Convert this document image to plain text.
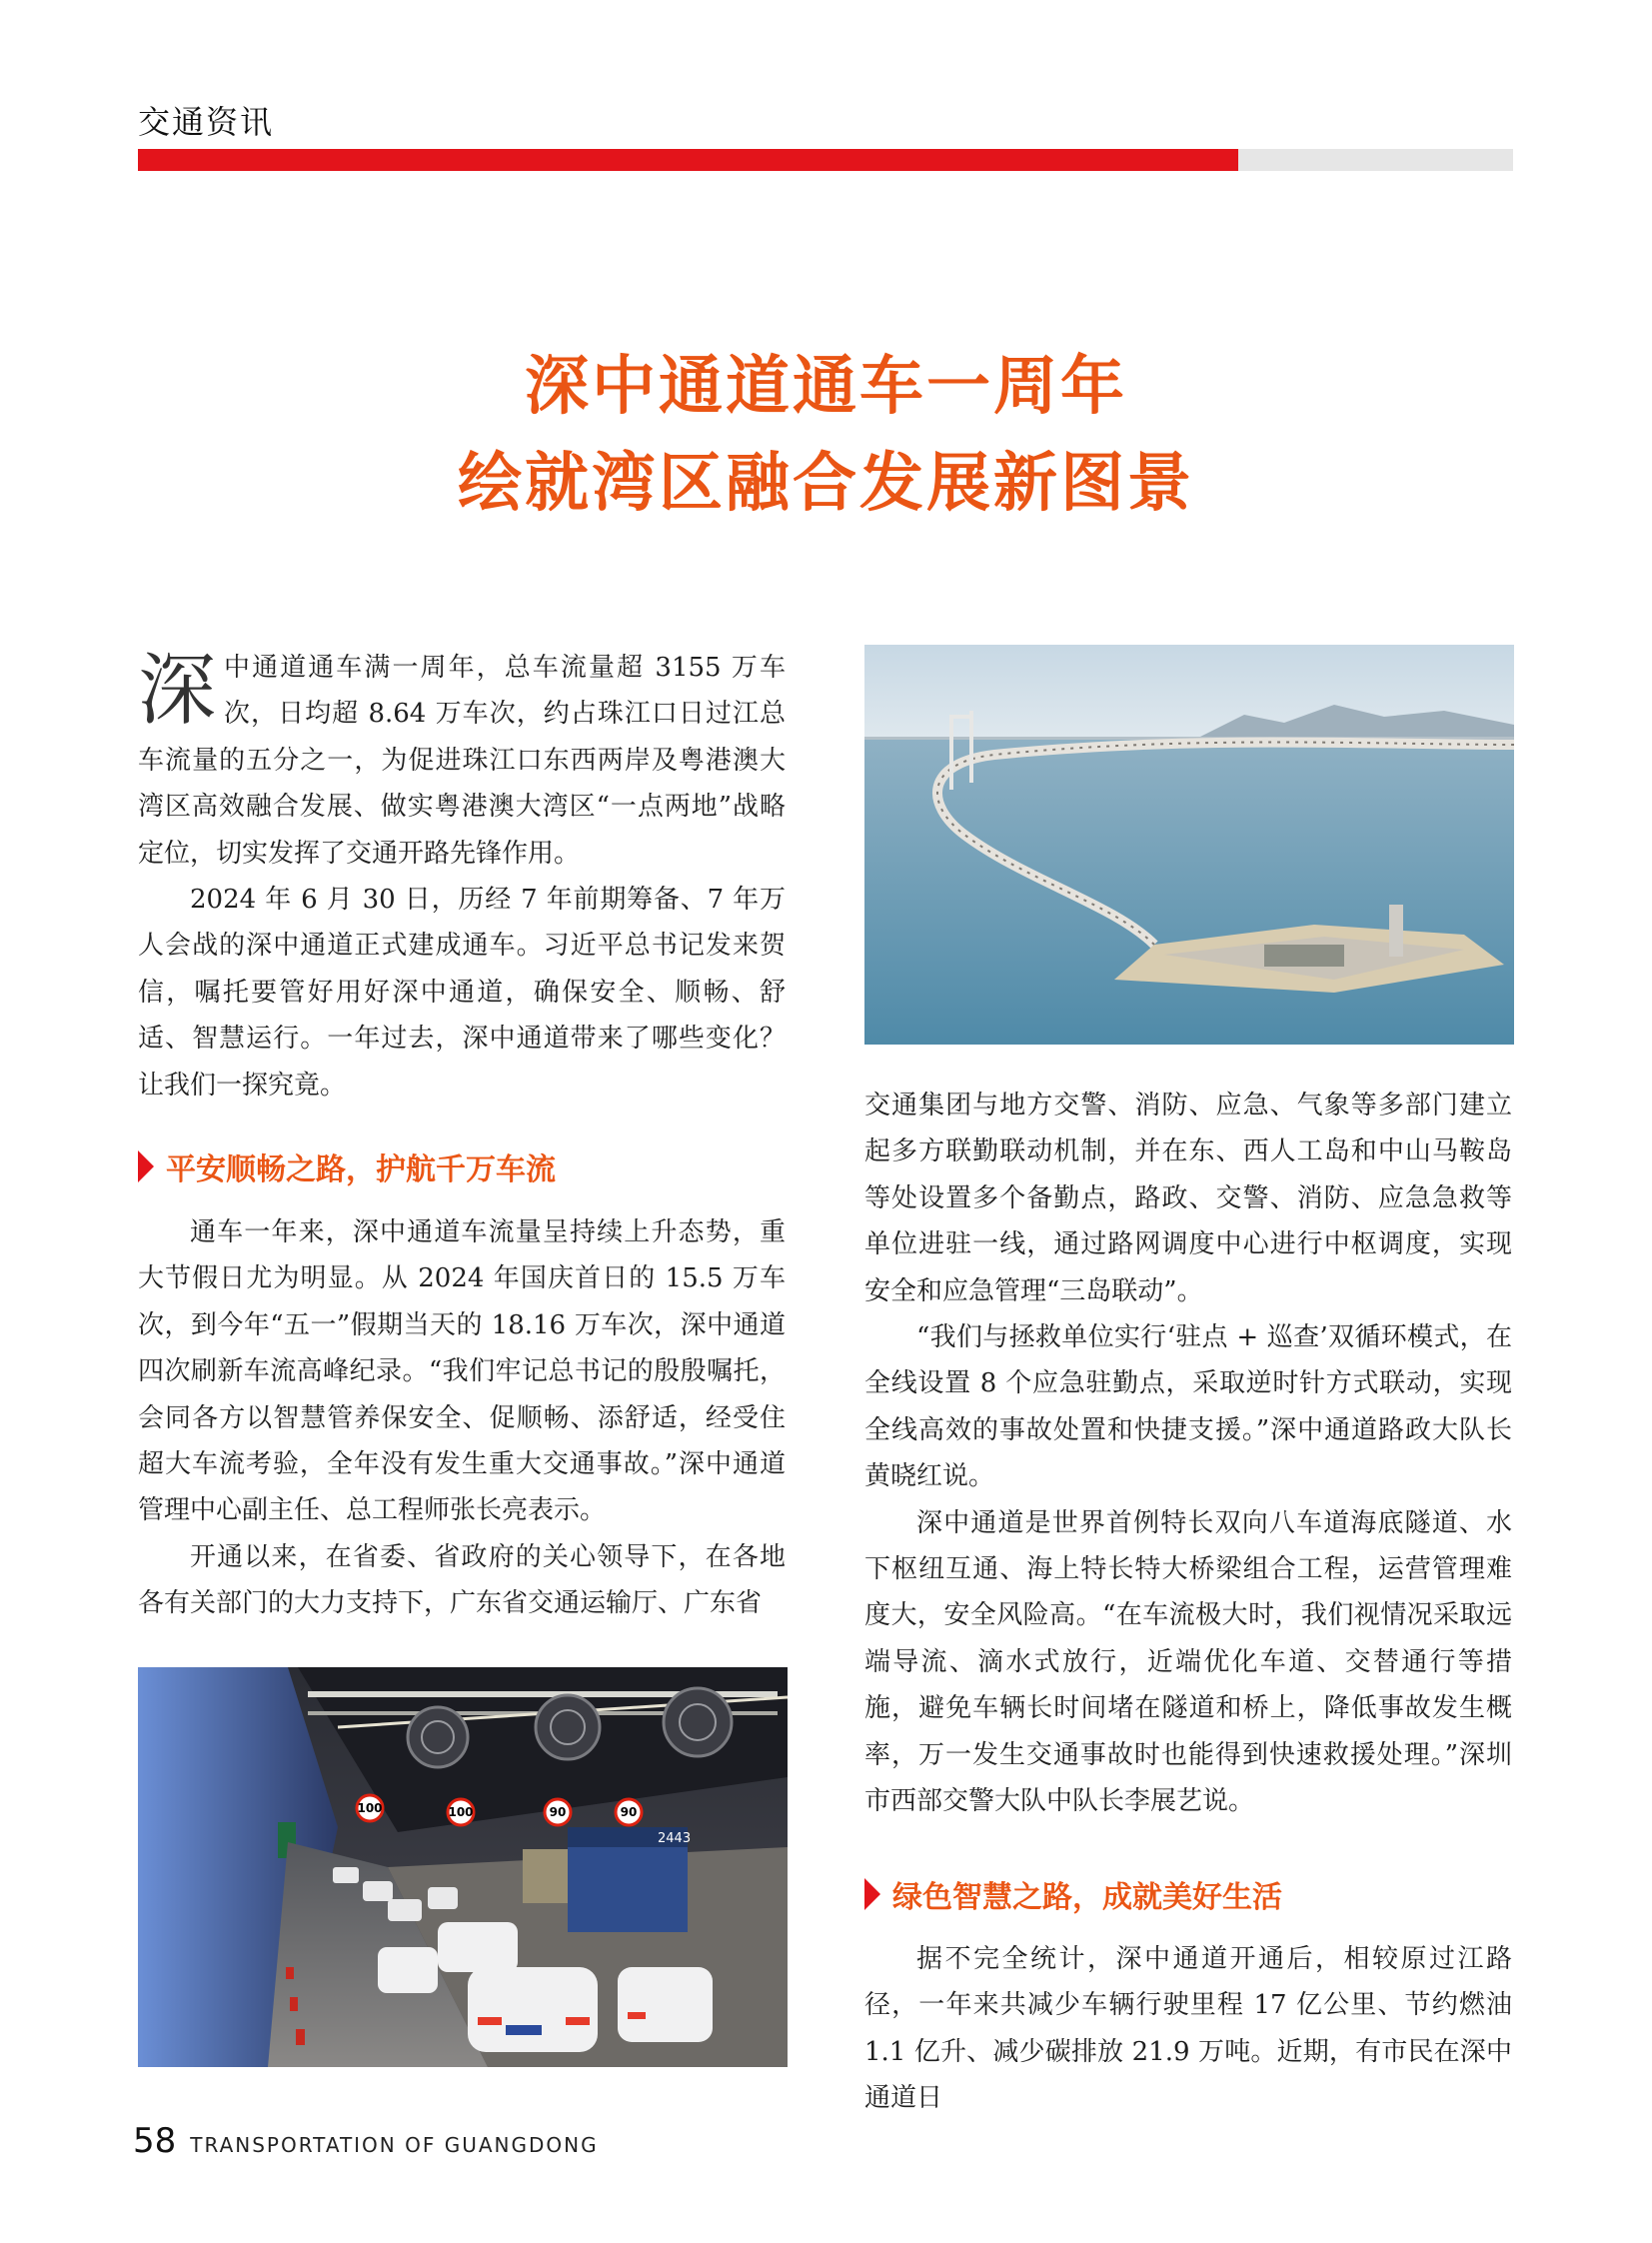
交通资讯
深中通道通车一周年
绘就湾区融合发展新图景

深中通道通车满一周年，总车流量超 3155 万车次，日均超 8.64 万车次，约占珠江口日过江总车流量的五分之一，为促进珠江口东西两岸及粤港澳大湾区高效融合发展、做实粤港澳大湾区“一点两地”战略定位，切实发挥了交通开路先锋作用。

2024 年 6 月 30 日，历经 7 年前期筹备、7 年万人会战的深中通道正式建成通车。习近平总书记发来贺信，嘱托要管好用好深中通道，确保安全、顺畅、舒适、智慧运行。一年过去，深中通道带来了哪些变化？让我们一探究竟。

平安顺畅之路，护航千万车流

通车一年来，深中通道车流量呈持续上升态势，重大节假日尤为明显。从 2024 年国庆首日的 15.5 万车次，到今年“五一”假期当天的 18.16 万车次，深中通道四次刷新车流高峰纪录。“我们牢记总书记的殷殷嘱托，会同各方以智慧管养保安全、促顺畅、添舒适，经受住超大车流考验，全年没有发生重大交通事故。”深中通道管理中心副主任、总工程师张长亮表示。

开通以来，在省委、省政府的关心领导下，在各地各有关部门的大力支持下，广东省交通运输厅、广东省

100	100	90	90
2443

交通集团与地方交警、消防、应急、气象等多部门建立起多方联勤联动机制，并在东、西人工岛和中山马鞍岛等处设置多个备勤点，路政、交警、消防、应急急救等单位进驻一线，通过路网调度中心进行中枢调度，实现安全和应急管理“三岛联动”。

“我们与拯救单位实行‘驻点 + 巡查’双循环模式，在全线设置 8 个应急驻勤点，采取逆时针方式联动，实现全线高效的事故处置和快捷支援。”深中通道路政大队长黄晓红说。

深中通道是世界首例特长双向八车道海底隧道、水下枢纽互通、海上特长特大桥梁组合工程，运营管理难度大，安全风险高。“在车流极大时，我们视情况采取远端导流、滴水式放行，近端优化车道、交替通行等措施，避免车辆长时间堵在隧道和桥上，降低事故发生概率，万一发生交通事故时也能得到快速救援处理。”深圳市西部交警大队中队长李展艺说。

绿色智慧之路，成就美好生活

据不完全统计，深中通道开通后，相较原过江路径，一年来共减少车辆行驶里程 17 亿公里、节约燃油 1.1 亿升、减少碳排放 21.9 万吨。近期，有市民在深中通道日

58 TRANSPORTATION OF GUANGDONG
